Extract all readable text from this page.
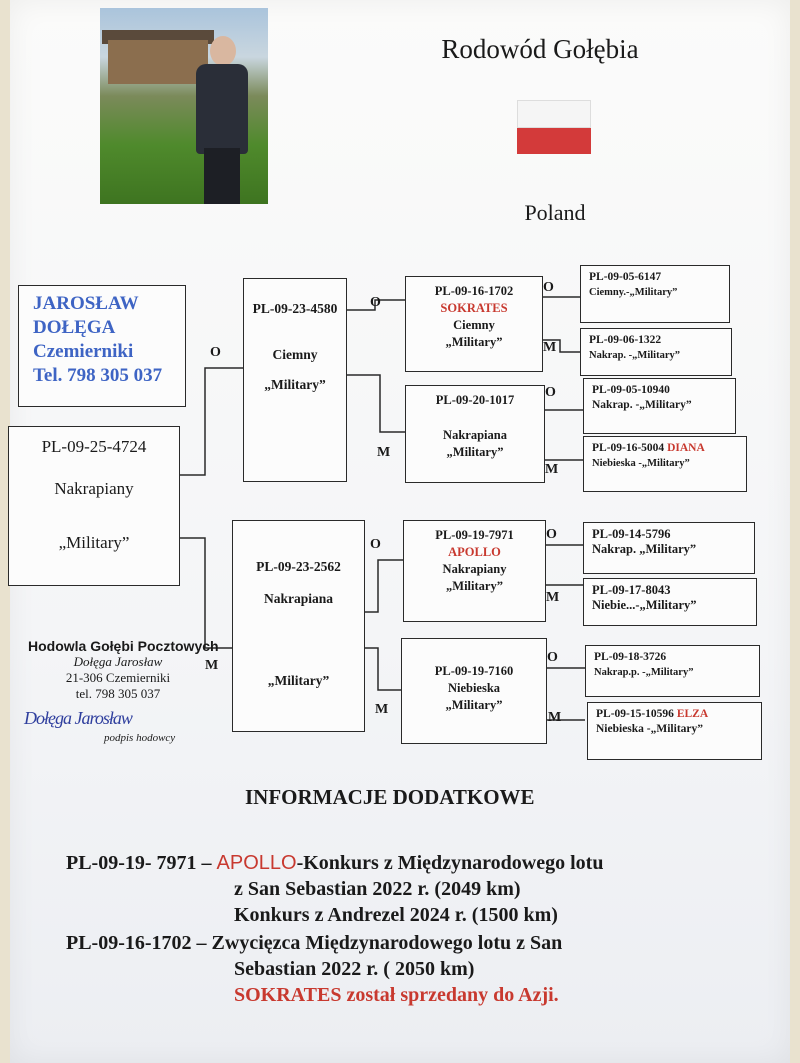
Rodowód Gołębia
Poland
JAROSŁAW
DOŁĘGA
Czemierniki
Tel. 798 305 037
PL-09-25-4724
Nakrapiany
„Military”
PL-09-23-4580
Ciemny
„Military”
PL-09-23-2562
Nakrapiana
„Military”
PL-09-16-1702
SOKRATES
Ciemny
„Military”
PL-09-20-1017
Nakrapiana
„Military”
PL-09-19-7971
APOLLO
Nakrapiany
„Military”
PL-09-19-7160
Niebieska
„Military”
PL-09-05-6147
Ciemny.-„Military”
PL-09-06-1322
Nakrap. -„Military”
PL-09-05-10940
Nakrap. -„Military”
PL-09-16-5004 DIANA
Niebieska -„Military”
PL-09-14-5796
Nakrap. „Military”
PL-09-17-8043
Niebie...-„Military”
PL-09-18-3726
Nakrap.p. -„Military”
PL-09-15-10596 ELZA
Niebieska -„Military”
O
O
M
O
M
M
O
M
O
M
O
M
O
M
Hodowla Gołębi Pocztowych
Dołęga Jarosław
21-306 Czemierniki
tel. 798 305 037
Dołęga Jarosław
podpis hodowcy
INFORMACJE DODATKOWE
PL-09-19- 7971 – APOLLO-Konkurs z Międzynarodowego lotu
z San Sebastian 2022 r. (2049 km)
Konkurs z Andrezel 2024 r. (1500 km)
PL-09-16-1702 – Zwycięzca Międzynarodowego lotu z San
Sebastian 2022 r. ( 2050 km)
SOKRATES został sprzedany do Azji.
